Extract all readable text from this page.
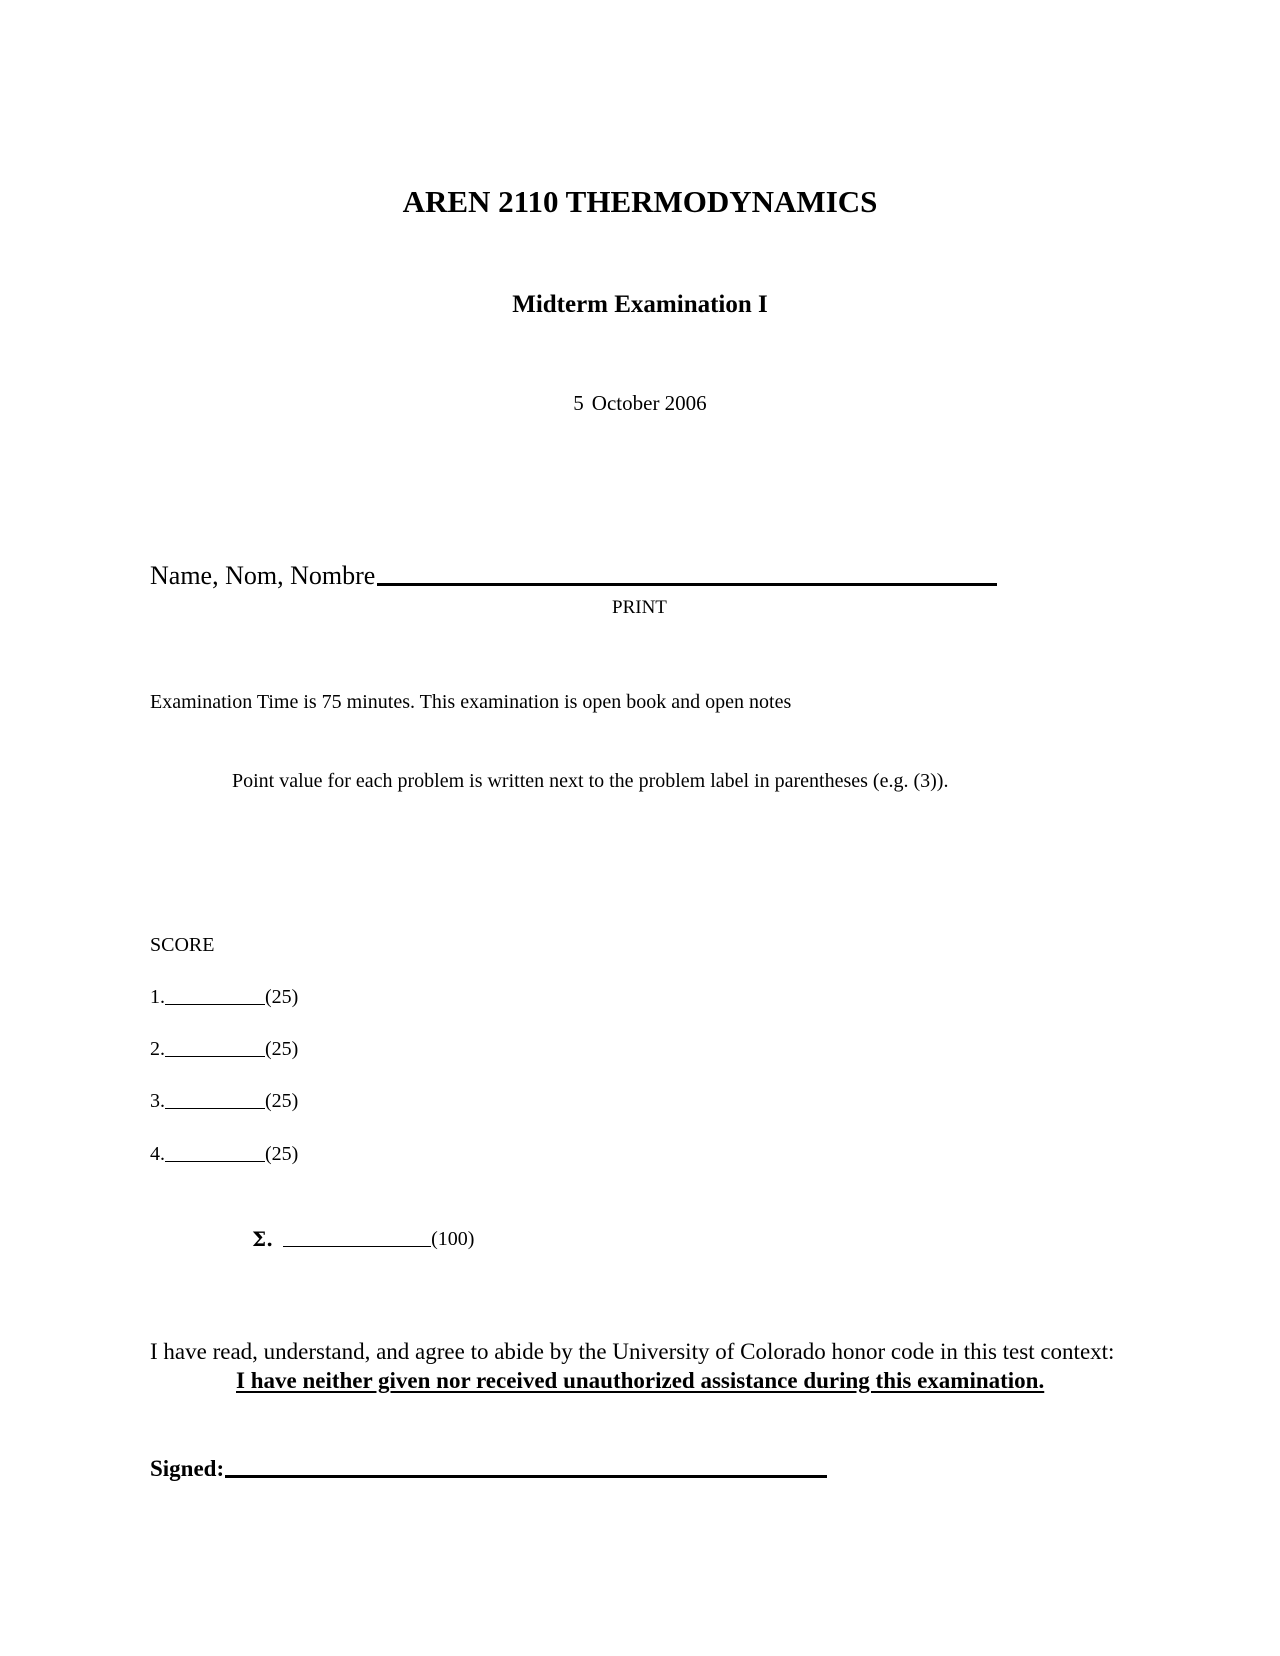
AREN 2110 THERMODYNAMICS
Midterm Examination I
5 October 2006
Name, Nom, Nombre
PRINT
Examination Time is 75 minutes. This examination is open book and open notes
Point value for each problem is written next to the problem label in parentheses (e.g. (3)).
SCORE
1.	(25)
2.	(25)
3.	(25)
4.	(25)
Σ.	(100)
I have read, understand, and agree to abide by the University of Colorado honor code in this test context:
I have neither given nor received unauthorized assistance during this examination.
Signed:
